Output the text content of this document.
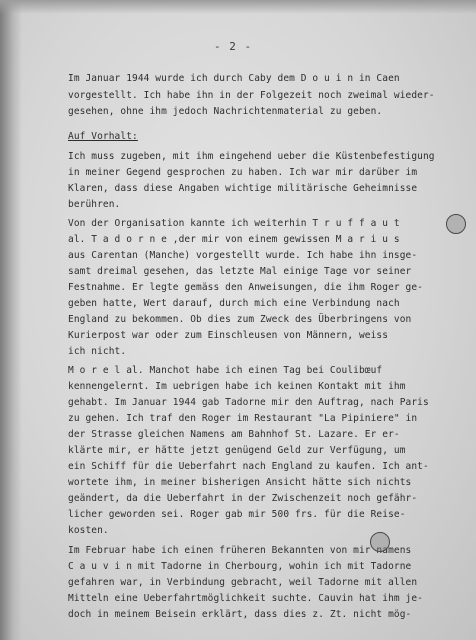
- 2 -
Im Januar 1944 wurde ich durch Caby dem D o u i n in Caen
vorgestellt. Ich habe ihn in der Folgezeit noch zweimal wieder-
gesehen, ohne ihm jedoch Nachrichtenmaterial zu geben.
Auf Vorhalt:
Ich muss zugeben, mit ihm eingehend ueber die Küstenbefestigung
in meiner Gegend gesprochen zu haben. Ich war mir darüber im
Klaren, dass diese Angaben wichtige militärische Geheimnisse
berühren.
Von der Organisation kannte ich weiterhin T r u f f a u t
al. T a d o r n e ,der mir von einem gewissen M a r i u s
aus Carentan (Manche) vorgestellt wurde. Ich habe ihn insge-
samt dreimal gesehen, das letzte Mal einige Tage vor seiner
Festnahme. Er legte gemäss den Anweisungen, die ihm Roger ge-
geben hatte, Wert darauf, durch mich eine Verbindung nach
England zu bekommen. Ob dies zum Zweck des Überbringens von
Kurierpost war oder zum Einschleusen von Männern, weiss
ich nicht.
M o r e l al. Manchot habe ich einen Tag bei Coulibœuf
kennengelernt. Im uebrigen habe ich keinen Kontakt mit ihm
gehabt. Im Januar 1944 gab Tadorne mir den Auftrag, nach Paris
zu gehen. Ich traf den Roger im Restaurant "La Pipiniere" in
der Strasse gleichen Namens am Bahnhof St. Lazare. Er er-
klärte mir, er hätte jetzt genügend Geld zur Verfügung, um
ein Schiff für die Ueberfahrt nach England zu kaufen. Ich ant-
wortete ihm, in meiner bisherigen Ansicht hätte sich nichts
geändert, da die Ueberfahrt in der Zwischenzeit noch gefähr-
licher geworden sei. Roger gab mir 500 frs. für die Reise-
kosten.
Im Februar habe ich einen früheren Bekannten von mir namens
C a u v i n mit Tadorne in Cherbourg, wohin ich mit Tadorne
gefahren war, in Verbindung gebracht, weil Tadorne mit allen
Mitteln eine Ueberfahrtmöglichkeit suchte. Cauvin hat ihm je-
doch in meinem Beisein erklärt, dass dies z. Zt. nicht mög-
